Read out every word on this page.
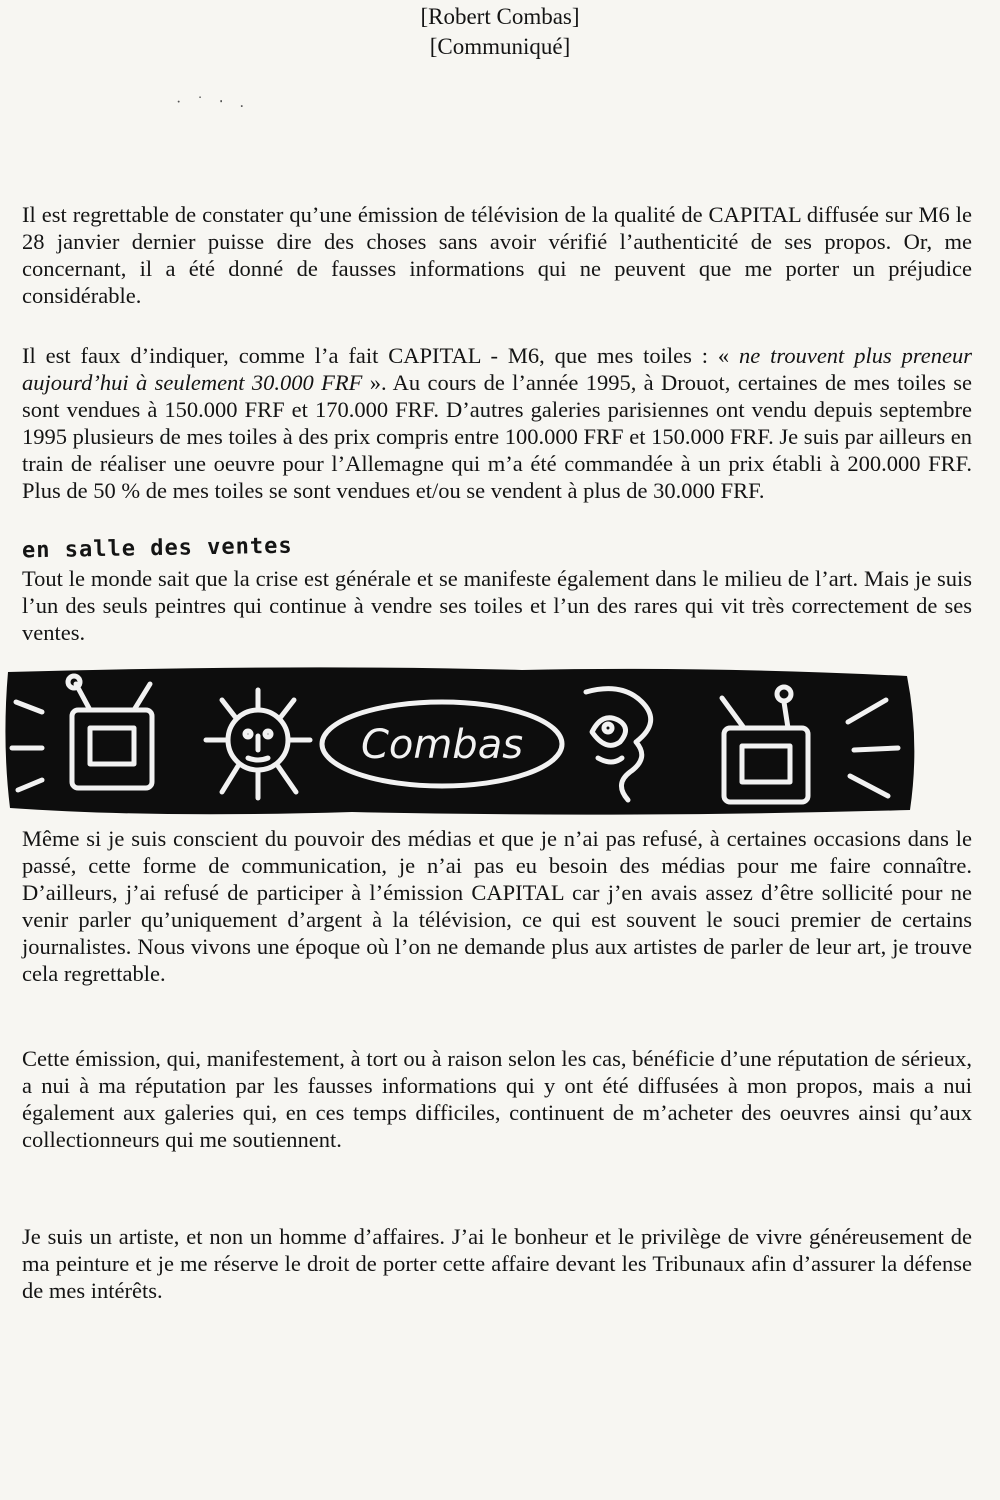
[Robert Combas]
[Communiqué]
· ˙ ‧ .

Il est regrettable de constater qu’une émission de télévision de la qualité de CAPITAL diffusée sur M6 le 28 janvier dernier puisse dire des choses sans avoir vérifié l’authenticité de ses propos. Or, me concernant, il a été donné de fausses informations qui ne peuvent que me porter un préjudice considérable.

Il est faux d’indiquer, comme l’a fait CAPITAL - M6, que mes toiles : « ne trouvent plus preneur aujourd’hui à seulement 30.000 FRF ». Au cours de l’année 1995, à Drouot, certaines de mes toiles se sont vendues à 150.000 FRF et 170.000 FRF. D’autres galeries parisiennes ont vendu depuis septembre 1995 plusieurs de mes toiles à des prix compris entre 100.000 FRF et 150.000 FRF. Je suis par ailleurs en train de réaliser une oeuvre pour l’Allemagne qui m’a été commandée à un prix établi à 200.000 FRF. Plus de 50 % de mes toiles se sont vendues et/ou se vendent à plus de 30.000 FRF.

en salle des ventes

Tout le monde sait que la crise est générale et se manifeste également dans le milieu de l’art. Mais je suis l’un des seuls peintres qui continue à vendre ses toiles et l’un des rares qui vit très correctement de ses ventes.

Combas

Même si je suis conscient du pouvoir des médias et que je n’ai pas refusé, à certaines occasions dans le passé, cette forme de communication, je n’ai pas eu besoin des médias pour me faire connaître. D’ailleurs, j’ai refusé de participer à l’émission CAPITAL car j’en avais assez d’être sollicité pour ne venir parler qu’uniquement d’argent à la télévision, ce qui est souvent le souci premier de certains journalistes. Nous vivons une époque où l’on ne demande plus aux artistes de parler de leur art, je trouve cela regrettable.

Cette émission, qui, manifestement, à tort ou à raison selon les cas, bénéficie d’une réputation de sérieux, a nui à ma réputation par les fausses informations qui y ont été diffusées à mon propos, mais a nui également aux galeries qui, en ces temps difficiles, continuent de m’acheter des oeuvres ainsi qu’aux collectionneurs qui me soutiennent.

Je suis un artiste, et non un homme d’affaires. J’ai le bonheur et le privilège de vivre généreusement de ma peinture et je me réserve le droit de porter cette affaire devant les Tribunaux afin d’assurer la défense de mes intérêts.
